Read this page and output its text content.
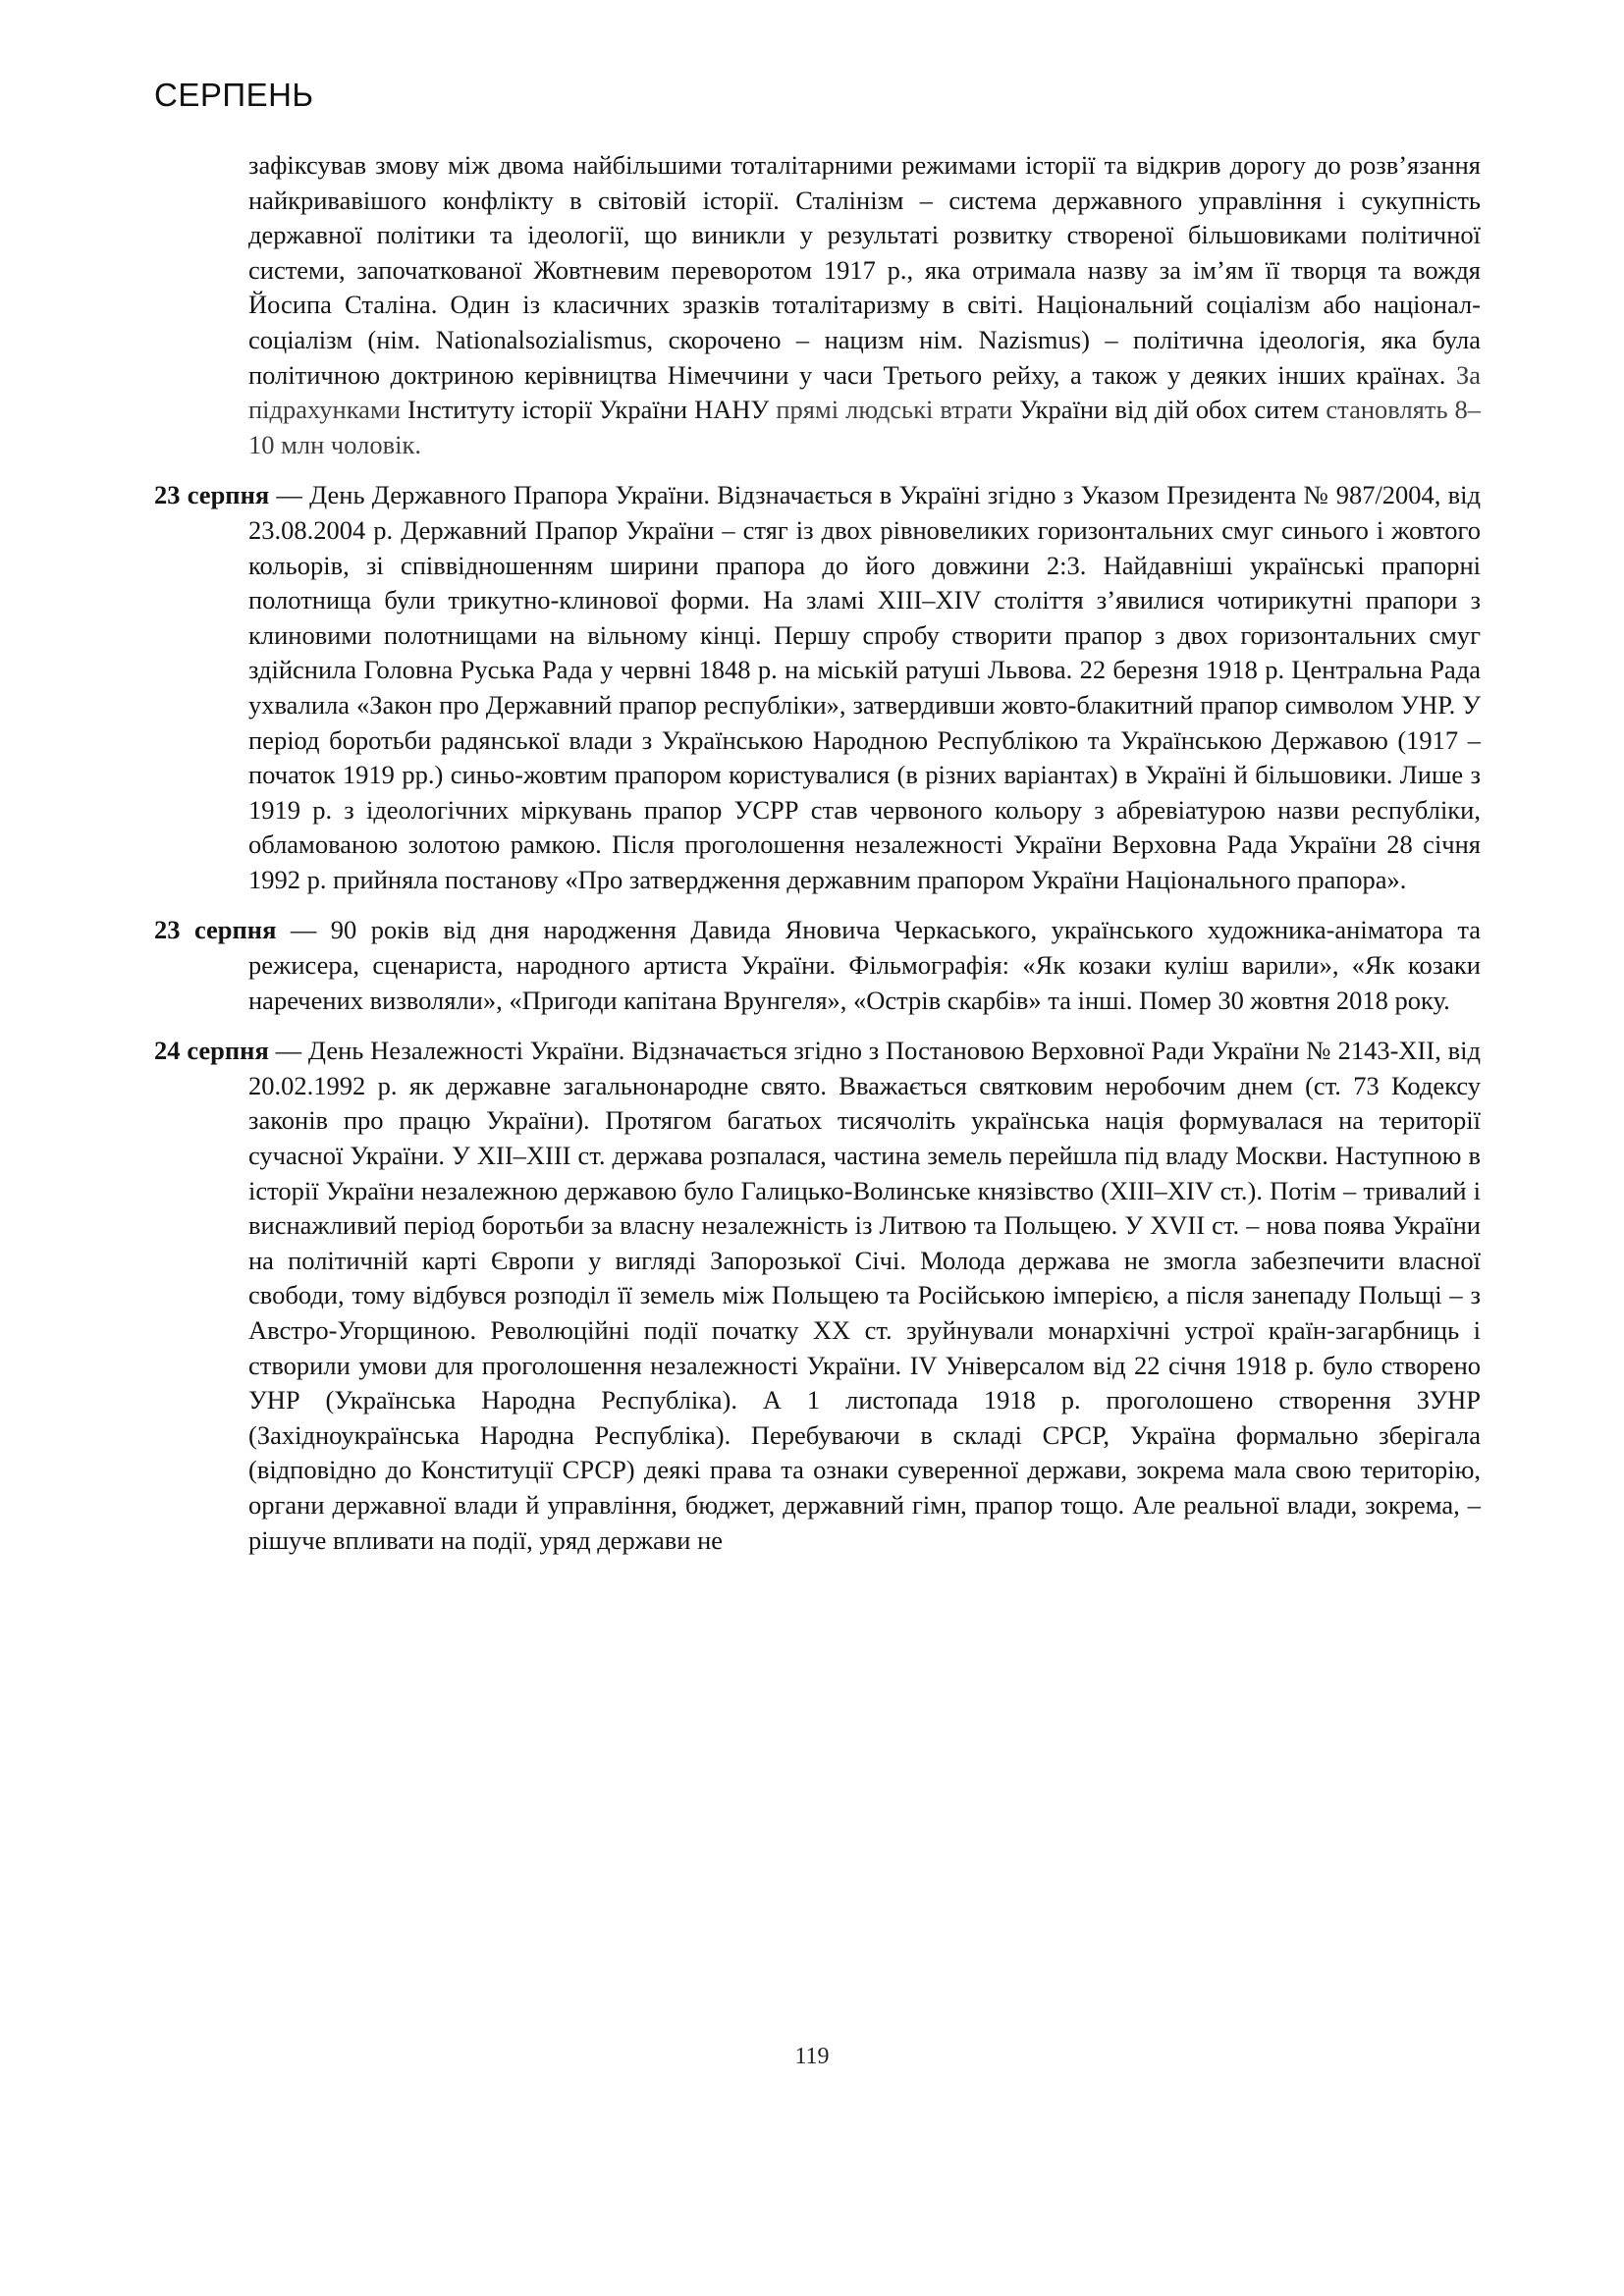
СЕРПЕНЬ

зафіксував змову між двома найбільшими тоталітарними режимами історії та відкрив дорогу до розв’язання найкривавішого конфлікту в світовій історії. Сталінізм – система державного управління і сукупність державної політики та ідеології, що виникли у результаті розвитку створеної більшовиками політичної системи, започаткованої Жовтневим переворотом 1917 р., яка отримала назву за ім’ям її творця та вождя Йосипа Сталіна. Один із класичних зразків тоталітаризму в світі. Національний соціалізм або націонал-соціалізм (нім. Nationalsozialismus, скорочено – нацизм нім. Nazismus) – політична ідеологія, яка була політичною доктриною керівництва Німеччини у часи Третього рейху, а також у деяких інших країнах. За підрахунками Інституту історії України НАНУ прямі людські втрати України від дій обох ситем становлять 8–10 млн чоловік.

23 серпня — День Державного Прапора України. Відзначається в Україні згідно з Указом Президента № 987/2004, від 23.08.2004 р. Державний Прапор України – стяг із двох рівновеликих горизонтальних смуг синього і жовтого кольорів, зі співвідношенням ширини прапора до його довжини 2:3. Найдавніші українські прапорні полотнища були трикутно-клинової форми. На зламі XIII–XIV століття з’явилися чотирикутні прапори з клиновими полотнищами на вільному кінці. Першу спробу створити прапор з двох горизонтальних смуг здійснила Головна Руська Рада у червні 1848 р. на міській ратуші Львова. 22 березня 1918 р. Центральна Рада ухвалила «Закон про Державний прапор республіки», затвердивши жовто-блакитний прапор символом УНР. У період боротьби радянської влади з Українською Народною Республікою та Українською Державою (1917 – початок 1919 рр.) синьо-жовтим прапором користувалися (в різних варіантах) в Україні й більшовики. Лише з 1919 р. з ідеологічних міркувань прапор УСРР став червоного кольору з абревіатурою назви республіки, обламованою золотою рамкою. Після проголошення незалежності України Верховна Рада України 28 січня 1992 р. прийняла постанову «Про затвердження державним прапором України Національного прапора».

23 серпня — 90 років від дня народження Давида Яновича Черкаського, українського художника-аніматора та режисера, сценариста, народного артиста України. Фільмографія: «Як козаки куліш варили», «Як козаки наречених визволяли», «Пригоди капітана Врунгеля», «Острів скарбів» та інші. Помер 30 жовтня 2018 року.

24 серпня — День Незалежності України. Відзначається згідно з Постановою Верховної Ради України № 2143-XII, від 20.02.1992 р. як державне загальнонародне свято. Вважається святковим неробочим днем (ст. 73 Кодексу законів про працю України). Протягом багатьох тисячоліть українська нація формувалася на території сучасної України. У XII–XIII ст. держава розпалася, частина земель перейшла під владу Москви. Наступною в історії України незалежною державою було Галицько-Волинське князівство (XIII–XIV ст.). Потім – тривалий і виснажливий період боротьби за власну незалежність із Литвою та Польщею. У XVII ст. – нова поява України на політичній карті Європи у вигляді Запорозької Січі. Молода держава не змогла забезпечити власної свободи, тому відбувся розподіл її земель між Польщею та Російською імперією, а після занепаду Польщі – з Австро-Угорщиною. Революційні події початку XX ст. зруйнували монархічні устрої країн-загарбниць і створили умови для проголошення незалежності України. IV Універсалом від 22 січня 1918 р. було створено УНР (Українська Народна Республіка). А 1 листопада 1918 р. проголошено створення ЗУНР (Західноукраїнська Народна Республіка). Перебуваючи в складі СРСР, Україна формально зберігала (відповідно до Конституції СРСР) деякі права та ознаки суверенної держави, зокрема мала свою територію, органи державної влади й управління, бюджет, державний гімн, прапор тощо. Але реальної влади, зокрема, – рішуче впливати на події, уряд держави не

119
